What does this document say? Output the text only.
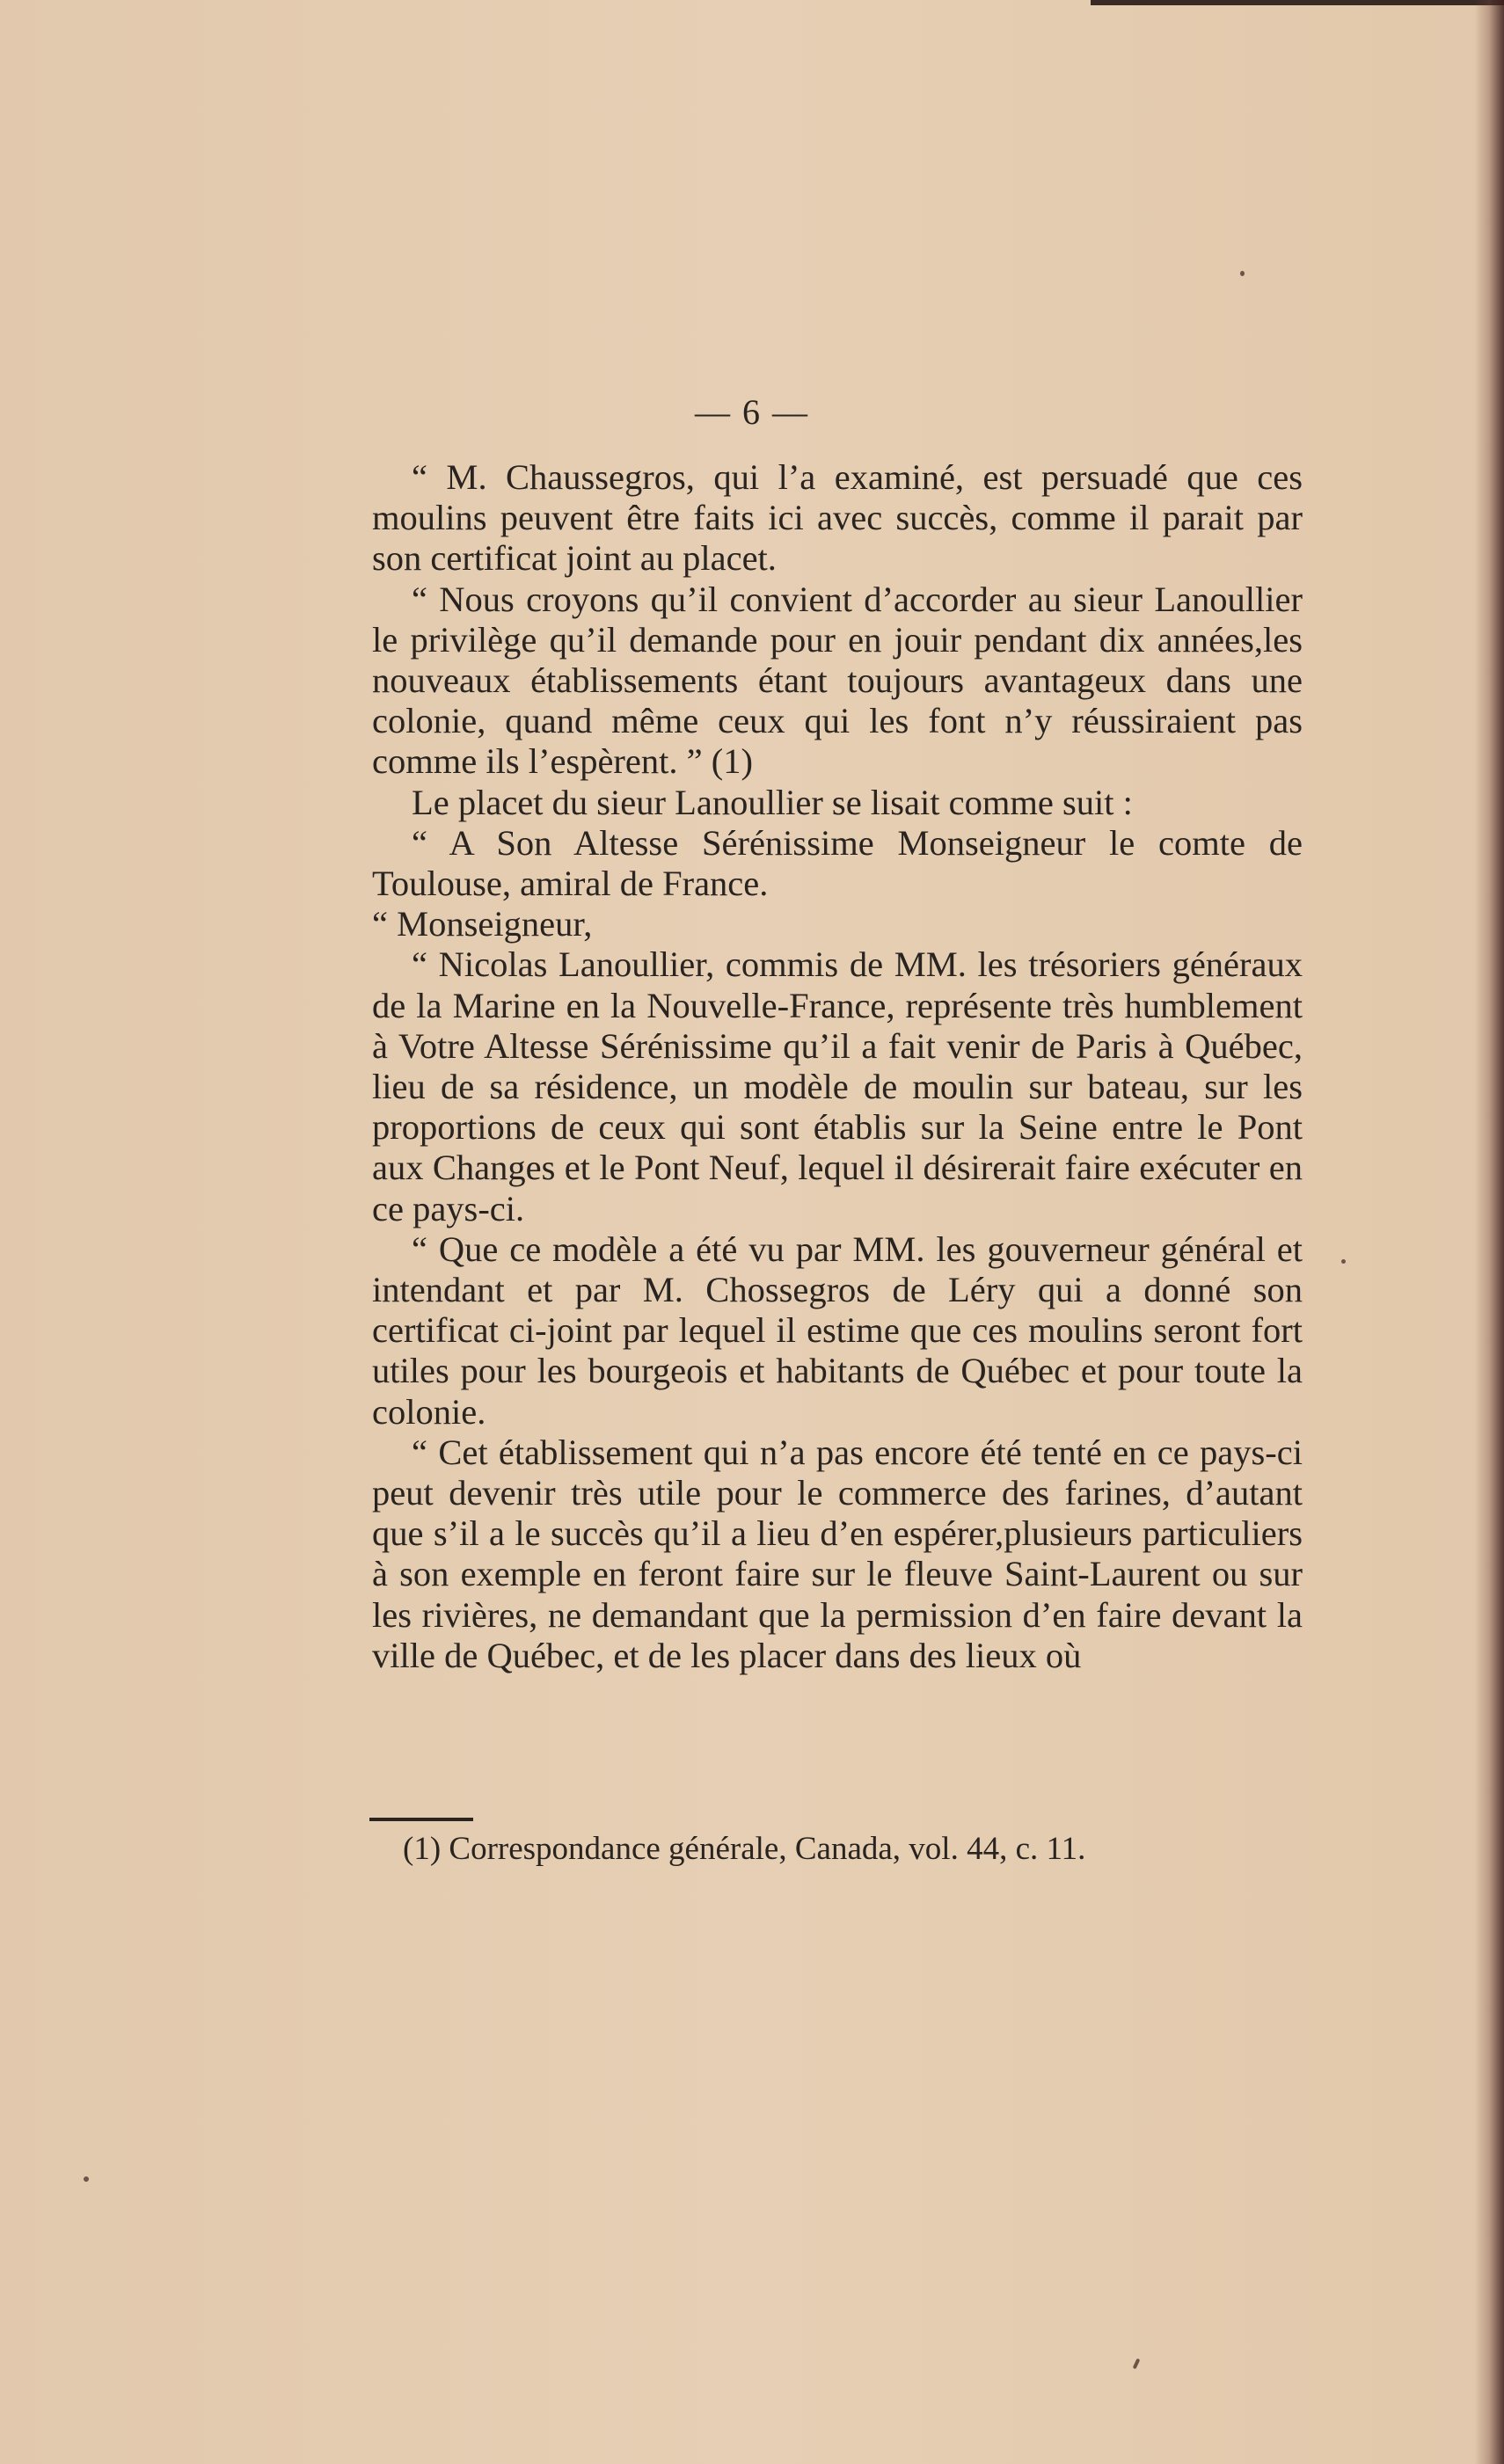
— 6 —

“ M. Chaussegros, qui l’a examiné, est persuadé que ces moulins peuvent être faits ici avec succès, comme il parait par son certificat joint au placet.

“ Nous croyons qu’il convient d’accorder au sieur Lanoullier le privilège qu’il demande pour en jouir pendant dix années,les nouveaux établissements étant toujours avantageux dans une colonie, quand même ceux qui les font n’y réussiraient pas comme ils l’espèrent. ” (1)

Le placet du sieur Lanoullier se lisait comme suit :

“ A Son Altesse Sérénissime Monseigneur le comte de Toulouse, amiral de France.

“ Monseigneur,

“ Nicolas Lanoullier, commis de MM. les trésoriers généraux de la Marine en la Nouvelle-France, représente très humblement à Votre Altesse Sérénissime qu’il a fait venir de Paris à Québec, lieu de sa résidence, un modèle de moulin sur bateau, sur les proportions de ceux qui sont établis sur la Seine entre le Pont aux Changes et le Pont Neuf, lequel il désirerait faire exécuter en ce pays-ci.

“ Que ce modèle a été vu par MM. les gouverneur général et intendant et par M. Chossegros de Léry qui a donné son certificat ci-joint par lequel il estime que ces moulins seront fort utiles pour les bourgeois et habitants de Québec et pour toute la colonie.

“ Cet établissement qui n’a pas encore été tenté en ce pays-ci peut devenir très utile pour le commerce des farines, d’autant que s’il a le succès qu’il a lieu d’en espérer,plusieurs particuliers à son exemple en feront faire sur le fleuve Saint-Laurent ou sur les rivières, ne demandant que la permission d’en faire devant la ville de Québec, et de les placer dans des lieux où

(1) Correspondance générale, Canada, vol. 44, c. 11.
